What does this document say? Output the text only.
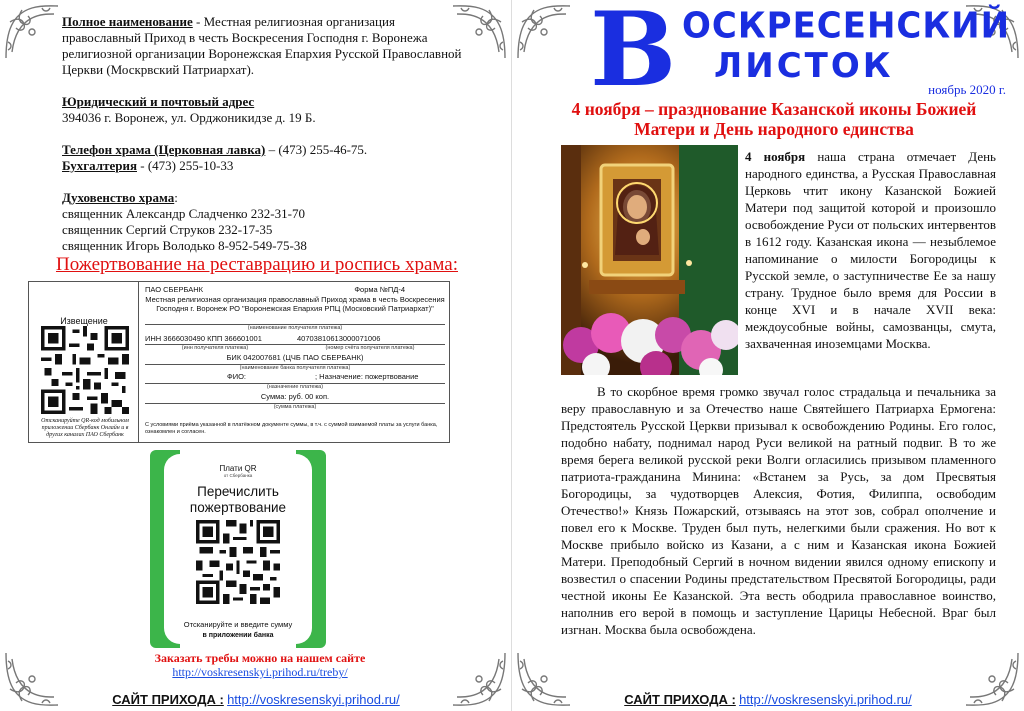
Полное наименование - Местная религиозная организация православный Приход в честь Воскресения Господня г. Воронежа религиозной организации Воронежская Епархия Русской Православной Церкви (Москрвский Патриархат).

Юридический и почтовый адрес
394036 г. Воронеж, ул. Орджоникидзе д. 19 Б.

Телефон храма (Церковная лавка) – (473) 255-46-75.
Бухгалтерия - (473) 255-10-33

Духовенство храма:
священник Александр Сладченко 232-31-70
священник Сергий Струков 232-17-35
священник Игорь Володько 8-952-549-75-38

Пожертвование на реставрацию и роспись храма:
Извещение
Отсканируйте QR-код мобильном приложении Сбербанк Онлайн и в других каналах ПАО Сбербанк
ПАО СБЕРБАНК	Форма №ПД-4
Местная религиозная организация православный Приход храма в честь Воскресения Господня г. Воронеж РО "Воронежская Епархия РПЦ (Московский Патриархат)"
(наименование получателя платежа)
ИНН 3666030490 КПП 366601001	40703810613000071006
(инн получателя платежа)	(номер счёта получателя платежа)
БИК 042007681 (ЦЧБ ПАО СБЕРБАНК)
(наименование банка получателя платежа)
ФИО:	; Назначение: пожертвование
(назначение платежа)
Сумма: руб. 00 коп.
(сумма платежа)
С условиями приёма указанной в платёжном документе суммы, в т.ч. с суммой взимаемой платы за услуги банка, ознакомлен и согласен.
Плати QR
от Сбербанка
Перечислить пожертвование
Отсканируйте и введите сумму
в приложении банка
Заказать требы можно на нашем сайте
http://voskresenskyi.prihod.ru/treby/
САЙТ ПРИХОДА : http://voskresenskyi.prihod.ru/
В ОСКРЕСЕНСКИЙ
ЛИСТОК
ноябрь 2020 г.
4 ноября – празднование Казанской иконы Божией Матери и День народного единства
4 ноября наша страна отмечает День народного единства, а Русская Православная Церковь чтит икону Казанской Божией Матери под защитой которой и произошло освобождение Руси от польских интервентов в 1612 году. Казанская икона — незыблемое напоминание о милости Богородицы к Русской земле, о заступничестве Ее за нашу страну. Трудное было время для России в конце XVI и в начале XVII века: междоусобные войны, самозванцы, смута, захваченная иноземцами Москва.
В то скорбное время громко звучал голос страдальца и печальника за веру православную и за Отечество наше Святейшего Патриарха Ермогена: Предстоятель Русской Церкви призывал к освобождению Родины. Его голос, подобно набату, поднимал народ Руси великой на ратный подвиг. В то же время берега великой русской реки Волги огласились призывом пламенного патриота-гражданина Минина: «Встанем за Русь, за дом Пресвятыя Богородицы, за чудотворцев Алексия, Фотия, Филиппа, освободим Отечество!» Князь Пожарский, отзываясь на этот зов, собрал ополчение и повел его к Москве. Труден был путь, нелегкими были сражения. Но вот к Москве прибыло войско из Казани, а с ним и Казанская икона Божией Матери. Преподобный Сергий в ночном видении явился одному епископу и возвестил о спасении Родины предстательством Пресвятой Богородицы, ради честной иконы Ее Казанской. Эта весть ободрила православное воинство, наполнив его верой в помощь и заступление Царицы Небесной. Враг был изгнан. Москва была освобождена.
САЙТ ПРИХОДА : http://voskresenskyi.prihod.ru/
